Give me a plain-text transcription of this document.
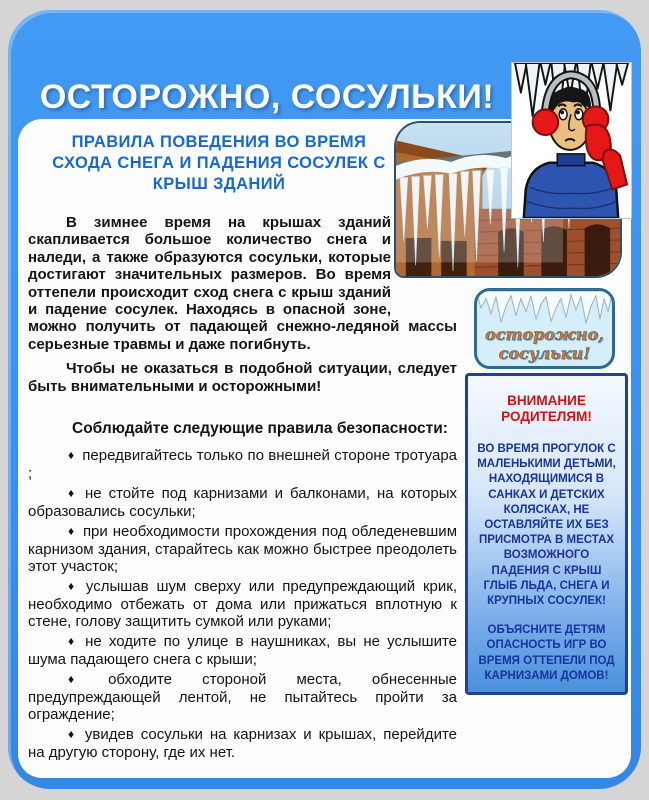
ОСТОРОЖНО, СОСУЛЬКИ!
ПРАВИЛА ПОВЕДЕНИЯ ВО ВРЕМЯ СХОДА СНЕГА И ПАДЕНИЯ СОСУЛЕК С КРЫШ ЗДАНИЙ

В зимнее время на крышах зданий скапливается большое количество снега и наледи, а также образуются сосульки, которые достигают значительных размеров. Во время оттепели происходит сход снега с крыш зданий и падение сосулек. Находясь в опасной зоне, можно получить от падающей снежно-ледяной массы серьезные травмы и даже погибнуть.

Чтобы не оказаться в подобной ситуации, следует быть внимательными и осторожными!

Соблюдайте следующие правила безопасности:

♦ передвигайтесь только по внешней стороне тротуара ;

♦ не стойте под карнизами и балконами, на которых образовались сосульки;

♦ при необходимости прохождения под обледеневшим карнизом здания, старайтесь как можно быстрее преодолеть этот участок;

♦ услышав шум сверху или предупреждающий крик, необходимо отбежать от дома или прижаться вплотную к стене, голову защитить сумкой или руками;

♦ не ходите по улице в наушниках, вы не услышите шума падающего снега с крыши;

♦ обходите стороной места, обнесенные предупреждающей лентой, не пытайтесь пройти за ограждение;

♦ увидев сосульки на карнизах и крышах, перейдите на другую сторону, где их нет.

осторожно,
сосульки!

ВНИМАНИЕ РОДИТЕЛЯМ!

ВО ВРЕМЯ ПРОГУЛОК С МАЛЕНЬКИМИ ДЕТЬМИ, НАХОДЯЩИМИСЯ В САНКАХ И ДЕТСКИХ КОЛЯСКАХ, НЕ ОСТАВЛЯЙТЕ ИХ БЕЗ ПРИСМОТРА В МЕСТАХ ВОЗМОЖНОГО ПАДЕНИЯ С КРЫШ ГЛЫБ ЛЬДА, СНЕГА И КРУПНЫХ СОСУЛЕК!

ОБЪЯСНИТЕ ДЕТЯМ ОПАСНОСТЬ ИГР ВО ВРЕМЯ ОТТЕПЕЛИ ПОД КАРНИЗАМИ ДОМОВ!
